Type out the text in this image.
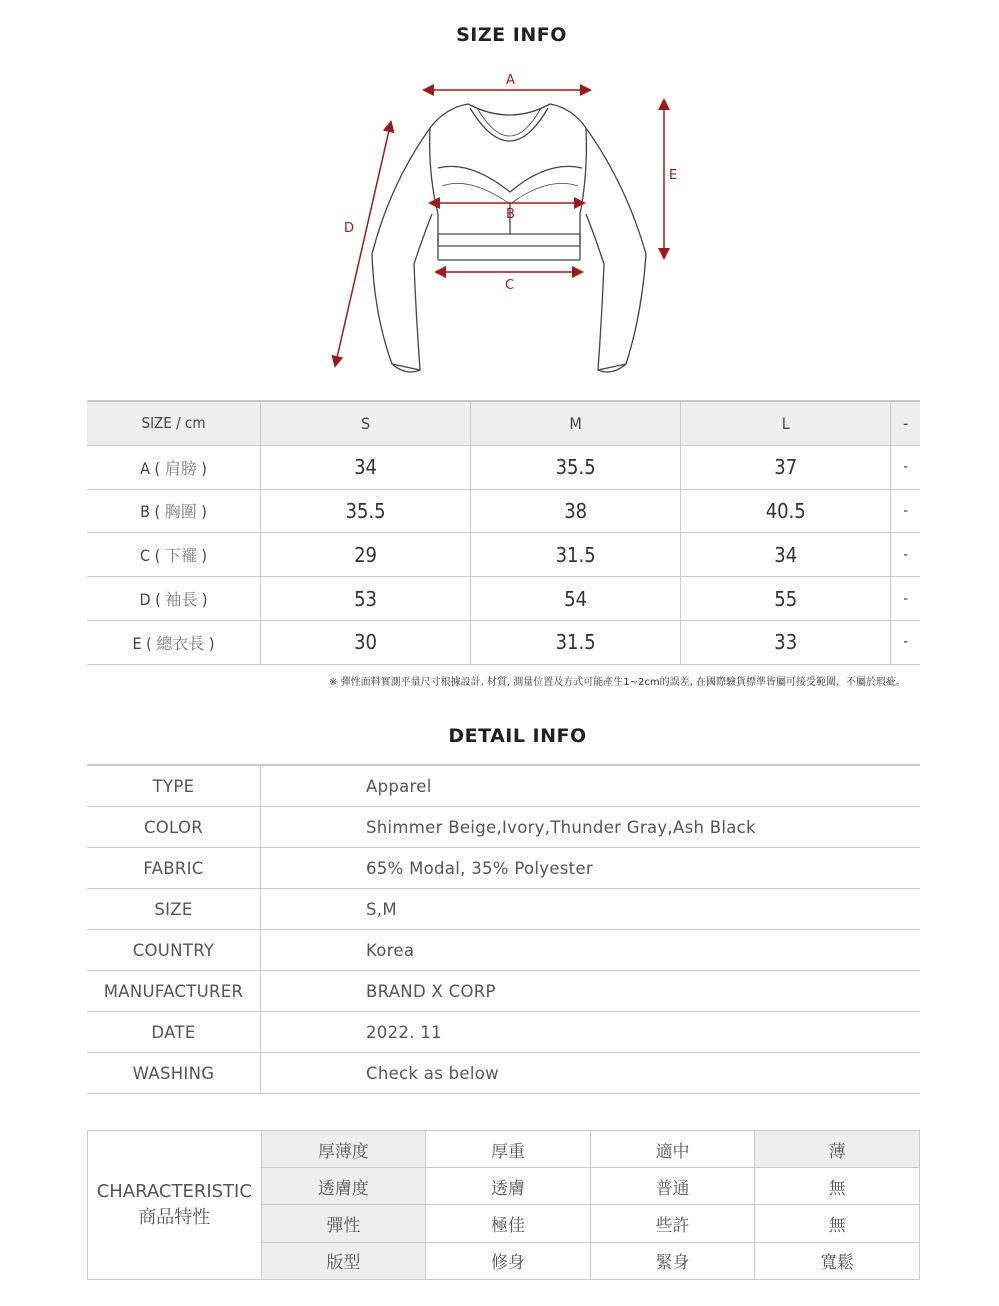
SIZE INFO
A
B
C
D
E
SIZE / cm	S	M	L	-
A ( 肩膀 )	34	35.5	37	-
B ( 胸圍 )	35.5	38	40.5	-
C ( 下襬 )	29	31.5	34	-
D ( 袖長 )	53	54	55	-
E ( 總衣長 )	30	31.5	33	-
※ 彈性面料實測平量尺寸根據設計, 材質, 測量位置及方式可能產生1~2cm的誤差, 在國際驗貨標準皆屬可接受範圍，不屬於瑕疵。
DETAIL INFO
TYPE	Apparel
COLOR	Shimmer Beige,Ivory,Thunder Gray,Ash Black
FABRIC	65% Modal, 35% Polyester
SIZE	S,M
COUNTRY	Korea
MANUFACTURER	BRAND X CORP
DATE	2022. 11
WASHING	Check as below
CHARACTERISTIC
商品特性	厚薄度	厚重	適中	薄
	透膚度	透膚	普通	無
	彈性	極佳	些許	無
	版型	修身	緊身	寬鬆
